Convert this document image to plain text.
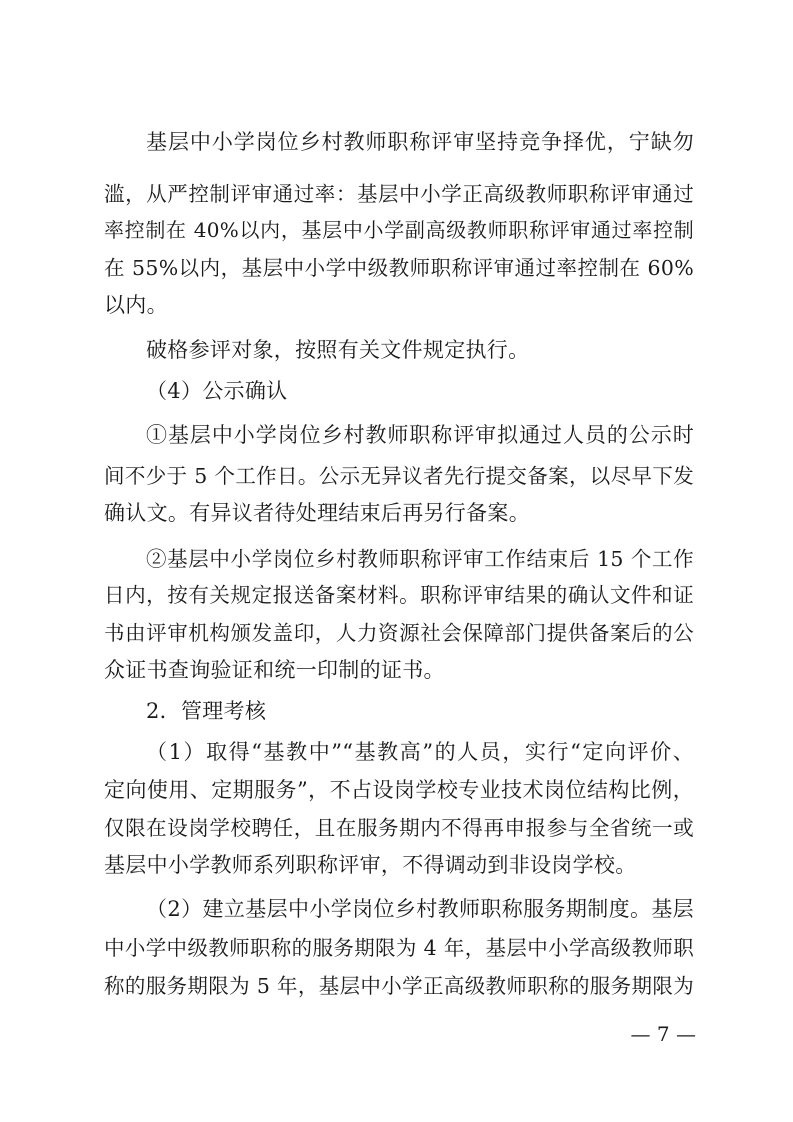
基层中小学岗位乡村教师职称评审坚持竞争择优，宁缺勿
滥，从严控制评审通过率：基层中小学正高级教师职称评审通过
率控制在 40%以内，基层中小学副高级教师职称评审通过率控制
在 55%以内，基层中小学中级教师职称评审通过率控制在 60%
以内。
破格参评对象，按照有关文件规定执行。
（4）公示确认
①基层中小学岗位乡村教师职称评审拟通过人员的公示时
间不少于 5 个工作日。公示无异议者先行提交备案，以尽早下发
确认文。有异议者待处理结束后再另行备案。
②基层中小学岗位乡村教师职称评审工作结束后 15 个工作
日内，按有关规定报送备案材料。职称评审结果的确认文件和证
书由评审机构颁发盖印，人力资源社会保障部门提供备案后的公
众证书查询验证和统一印制的证书。
2．管理考核
（1）取得“基教中”“基教高”的人员，实行“定向评价、
定向使用、定期服务”，不占设岗学校专业技术岗位结构比例，
仅限在设岗学校聘任，且在服务期内不得再申报参与全省统一或
基层中小学教师系列职称评审，不得调动到非设岗学校。
（2）建立基层中小学岗位乡村教师职称服务期制度。基层
中小学中级教师职称的服务期限为 4 年，基层中小学高级教师职
称的服务期限为 5 年，基层中小学正高级教师职称的服务期限为
— 7 —
